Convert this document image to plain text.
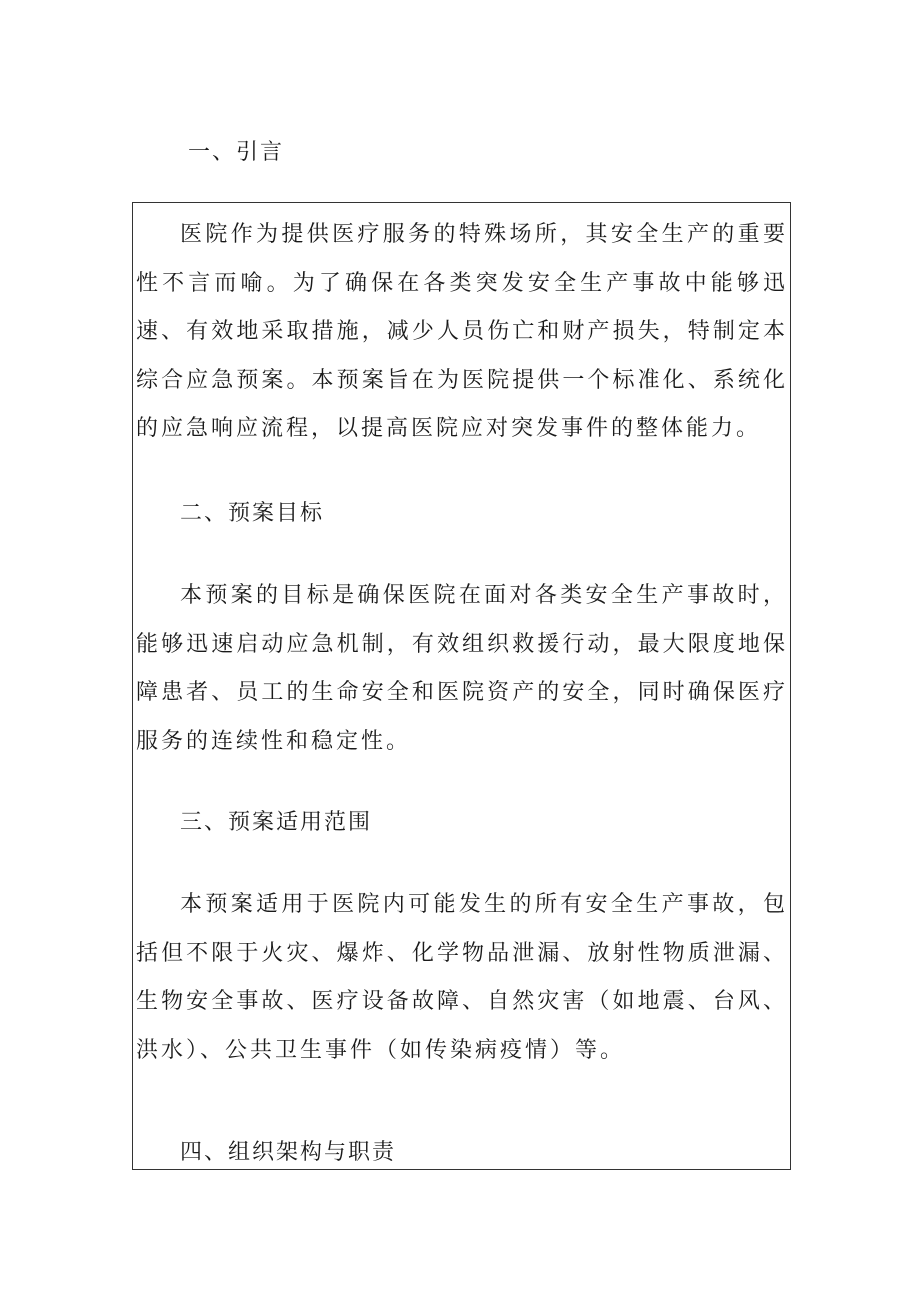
一、引言

医院作为提供医疗服务的特殊场所，其安全生产的重要性不言而喻。为了确保在各类突发安全生产事故中能够迅速、有效地采取措施，减少人员伤亡和财产损失，特制定本综合应急预案。本预案旨在为医院提供一个标准化、系统化的应急响应流程，以提高医院应对突发事件的整体能力。

二、预案目标

本预案的目标是确保医院在面对各类安全生产事故时，能够迅速启动应急机制，有效组织救援行动，最大限度地保障患者、员工的生命安全和医院资产的安全，同时确保医疗服务的连续性和稳定性。

三、预案适用范围

本预案适用于医院内可能发生的所有安全生产事故，包括但不限于火灾、爆炸、化学物品泄漏、放射性物质泄漏、生物安全事故、医疗设备故障、自然灾害（如地震、台风、洪水）、公共卫生事件（如传染病疫情）等。

四、组织架构与职责
